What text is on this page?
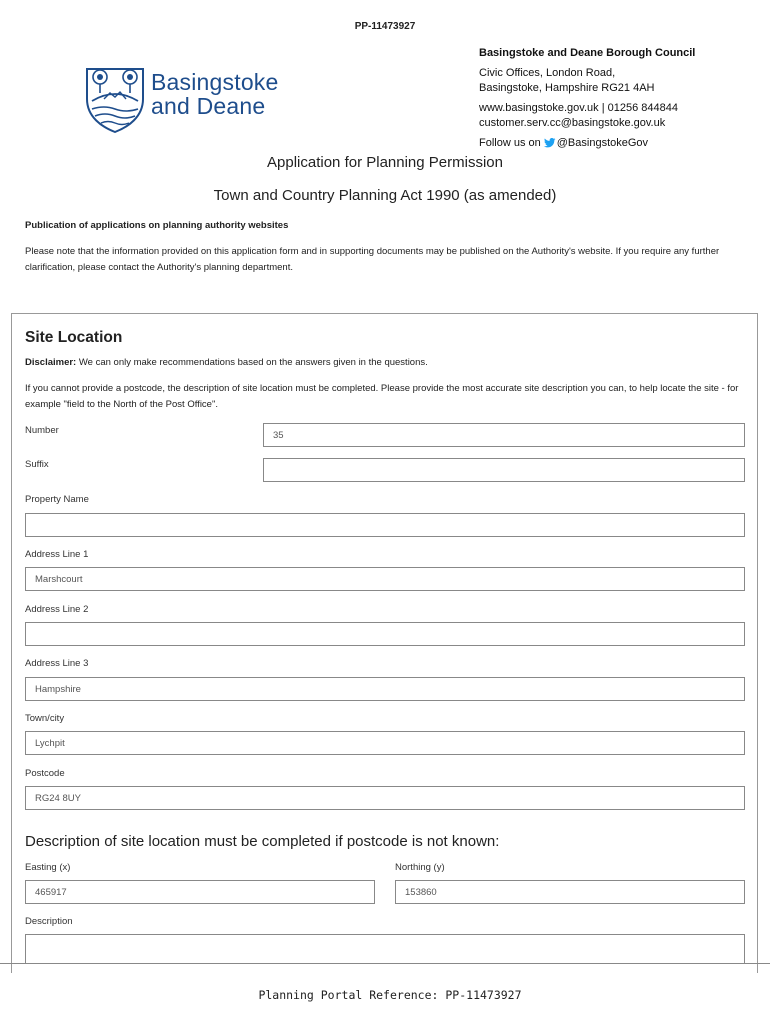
PP-11473927
Basingstoke
and Deane
Basingstoke and Deane Borough Council
Civic Offices, London Road,
Basingstoke, Hampshire RG21 4AH
www.basingstoke.gov.uk | 01256 844844
customer.serv.cc@basingstoke.gov.uk
Follow us on @BasingstokeGov
Application for Planning Permission
Town and Country Planning Act 1990 (as amended)
Publication of applications on planning authority websites
Please note that the information provided on this application form and in supporting documents may be published on the Authority's website. If you require any further clarification, please contact the Authority's planning department.
Site Location
Disclaimer: We can only make recommendations based on the answers given in the questions.
If you cannot provide a postcode, the description of site location must be completed. Please provide the most accurate site description you can, to help locate the site - for example "field to the North of the Post Office".
Number	35
Suffix
Property Name
Address Line 1
Marshcourt
Address Line 2
Address Line 3
Hampshire
Town/city
Lychpit
Postcode
RG24 8UY
Description of site location must be completed if postcode is not known:
Easting (x)
465917
Northing (y)
153860
Description
Planning Portal Reference: PP-11473927
